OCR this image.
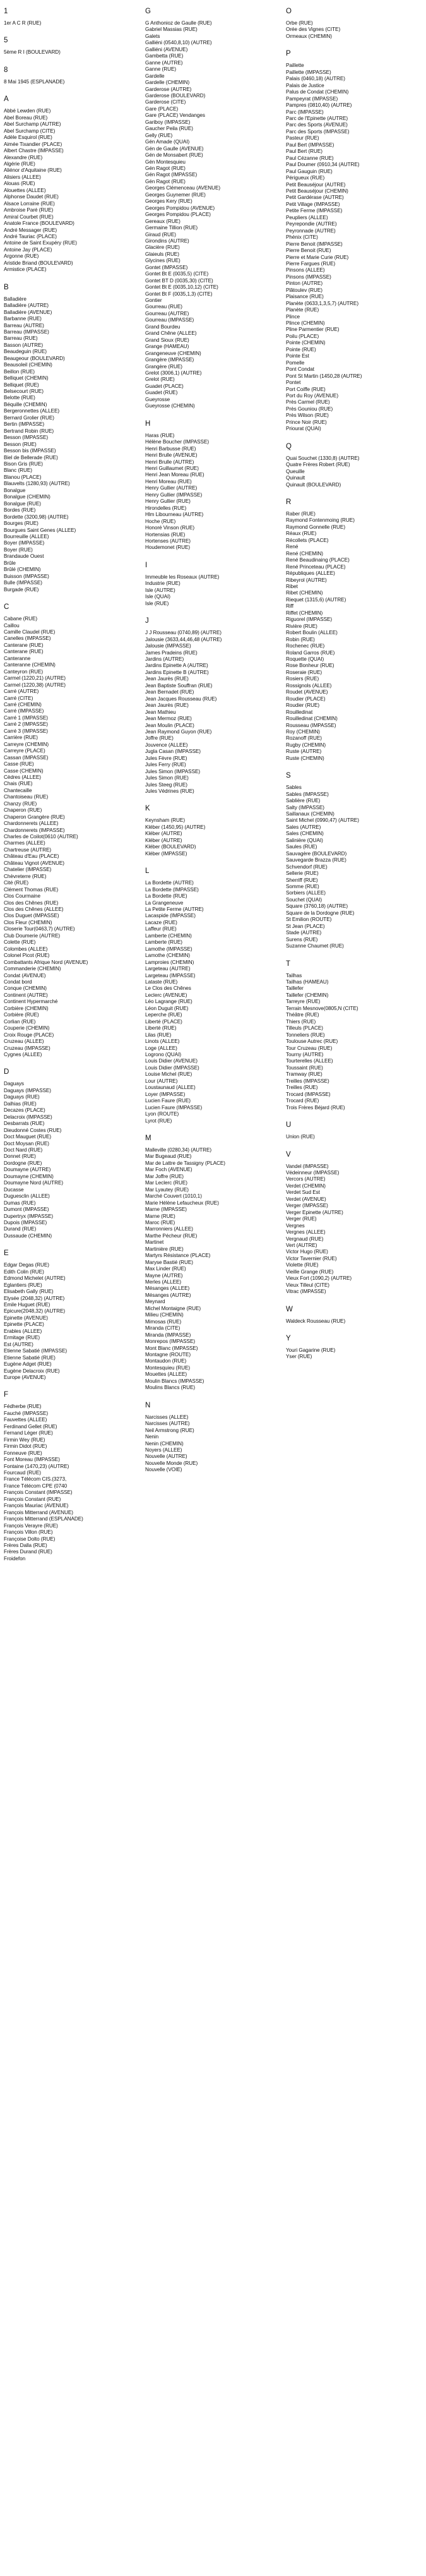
1
1er A C R (RUE)
5
5ème R I (BOULEVARD)
8
8 Mai 1945 (ESPLANADE)
A
Abbé Lewden (RUE)
Abel Boreau (RUE)
Abel Surchamp (AUTRE)
Abel Surchamp (CITE)
Adèle Esquirol (RUE)
Aimée Tixandier (PLACE)
Albert Chastre (IMPASSE)
Alexandre (RUE)
Algérie (RUE)
Aliénor d'Aquitaine (RUE)
Alisiers (ALLEE)
Alouas (RUE)
Alouettes (ALLEE)
Alphonse Daudet (RUE)
Alsace Lorraine (RUE)
Ambroise Paré (RUE)
Amiral Courbet (RUE)
Anatole France (BOULEVARD)
André Messager (RUE)
André Tauriac (PLACE)
Antoine de Saint Exupéry (RUE)
Antoine Jay (PLACE)
Argonne (RUE)
Aristide Briand (BOULEVARD)
Armistice (PLACE)
B
Balladière
Balladière (AUTRE)
Balladière (AVENUE)
Barbanne (RUE)
Barreau (AUTRE)
Barreau (IMPASSE)
Barreau (RUE)
Basson (AUTRE)
Beaudeguin (RUE)
Beaugeour (BOULEVARD)
Beausoleil (CHEMIN)
Beillon (RUE)
Belliquet (CHEMIN)
Belliquet (RUE)
Belsecourt (RUE)
Belotte (RUE)
Béquille (CHEMIN)
Bergeronnettes (ALLEE)
Bernard Grolier (RUE)
Bertin (IMPASSE)
Bertrand Robin (RUE)
Besson (IMPASSE)
Besson (RUE)
Besson bis (IMPASSE)
Biel de Bellerade (RUE)
Bison Gris (RUE)
Blanc (RUE)
Blanou (PLACE)
Blauvelts (1280,93) (AUTRE)
Bonalgue
Bonalgue (CHEMIN)
Bonalgue (RUE)
Bordes (RUE)
Bordette (3200,98) (AUTRE)
Bourges (RUE)
Bourgues Saint Genes (ALLEE)
Bourreuille (ALLEE)
Boyer (IMPASSE)
Boyer (RUE)
Brandaude Ouest
Brûle
Brûlé (CHEMIN)
Buisson (IMPASSE)
Bulle (IMPASSE)
Burgade (RUE)
C
Cabane (RUE)
Caillou
Camille Claudel (RUE)
Canelles (IMPASSE)
Canterane (RUE)
Canterane (RUE)
Canteranne
Canteranne (CHEMIN)
Canteyron (RUE)
Carmel (1220,21) (AUTRE)
Carmel (1220,38) (AUTRE)
Carré (AUTRE)
Carré (CITE)
Carré (CHEMIN)
Carré (IMPASSE)
Carré 1 (IMPASSE)
Carré 2 (IMPASSE)
Carré 3 (IMPASSE)
Carrière (RUE)
Carreyre (CHEMIN)
Carreyre (PLACE)
Cassan (IMPASSE)
Casse (RUE)
Casse (CHEMIN)
Cèdres (ALLEE)
Chais (RUE)
Chantecaille
Chantoiseau (RUE)
Chanzy (RUE)
Chaperon (RUE)
Chaperon Grangère (RUE)
Chardonnerets (ALLEE)
Chardonnerets (IMPASSE)
Charles de Coilot(0610 (AUTRE)
Charmes (ALLEE)
Chartreuse (AUTRE)
Château d'Eau (PLACE)
Château Vignot (AVENUE)
Chatelier (IMPASSE)
Chèvreterre (RUE)
Cité (RUE)
Clément Thomas (RUE)
Clos Courmaine
Clos des Chênes (RUE)
Clos des Chênes (ALLEE)
Clos Duguet (IMPASSE)
Clos Fleur (CHEMIN)
Closerie Tour(0463,7) (AUTRE)
Club Doumerie (AUTRE)
Colette (RUE)
Colombes (ALLEE)
Colonel Picot (RUE)
Combattants Afrique Nord (AVENUE)
Commanderie (CHEMIN)
Condat (AVENUE)
Condat bord
Conque (CHEMIN)
Continent (AUTRE)
Continent Hypermarché
Corbière (CHEMIN)
Corbière (RUE)
Corlian (RUE)
Couperie (CHEMIN)
Croix Rouge (PLACE)
Cruzeau (ALLEE)
Cruzeau (IMPASSE)
Cygnes (ALLEE)
D
Daguays
Daguays (IMPASSE)
Daguays (RUE)
Dalhias (RUE)
Decazes (PLACE)
Delacroix (IMPASSE)
Desbarrats (RUE)
Dieudonné Costes (RUE)
Doct Mauguet (RUE)
Doct Moysan (RUE)
Doct Nard (RUE)
Donnet (RUE)
Dordogne (RUE)
Doumayne (AUTRE)
Doumayne (CHEMIN)
Doumayne Nord (AUTRE)
Ducasse
Duguesclin (ALLEE)
Dumas (RUE)
Dumont (IMPASSE)
Dupertryx (IMPASSE)
Dupois (IMPASSE)
Durand (RUE)
Dussaude (CHEMIN)
E
Edgar Degas (RUE)
Edith Colin (RUE)
Edmond Michelet (AUTRE)
Eglantiers (RUE)
Elisabeth Gally (RUE)
Elysée (2048,32) (AUTRE)
Emile Huguet (RUE)
Epicure(2048,32) (AUTRE)
Epinette (AVENUE)
Epinette (PLACE)
Erables (ALLEE)
Ermitage (RUE)
Est (AUTRE)
Etienne Sabatié (IMPASSE)
Etienne Sabatié (RUE)
Eugène Adget (RUE)
Eugène Delacroix (RUE)
Europe (AVENUE)
F
Fédherbe (RUE)
Fauché (IMPASSE)
Fauvettes (ALLEE)
Ferdinand Gellet (RUE)
Fernand Léger (RUE)
Firmin Wey (RUE)
Firmin Didot (RUE)
Fonneuve (RUE)
Font Moreau (IMPASSE)
Fontaine (1470,23) (AUTRE)
Fourcaud (RUE)
France Télécom CIS.(3273,
France Télécom CPE (0740
François Constant (IMPASSE)
François Constant (RUE)
François Mauriac (AVENUE)
François Mitterrand (AVENUE)
François Mitterrand (ESPLANADE)
François Verayre (RUE)
François Villon (RUE)
Françoise Dolto (RUE)
Frères Dalla (RUE)
Frères Durand (RUE)
Froidefon
G
G Anthonioz de Gaulle (RUE)
Gabriel Massias (RUE)
Galets
Galliéni (0540,8,10) (AUTRE)
Galliéni (AVENUE)
Gambetta (RUE)
Ganne (AUTRE)
Ganne (RUE)
Gardelle
Gardelle (CHEMIN)
Garderose (AUTRE)
Garderose (BOULEVARD)
Garderose (CITE)
Gare (PLACE)
Gare (PLACE) Vendanges
Gariboy (IMPASSE)
Gaucher Peila (RUE)
Gelly (RUE)
Gén Amade (QUAI)
Gén de Gaulle (AVENUE)
Gén de Monsabert (RUE)
Gén Montesquieu
Gén Ragot (RUE)
Gén Ragot (IMPASSE)
Gén Ragot (RUE)
Georges Clémenceau (AVENUE)
Georges Guynemer (RUE)
Georges Kery (RUE)
Georges Pompidou (AVENUE)
Georges Pompidou (PLACE)
Gereaux (RUE)
Germaine Tillion (RUE)
Giraud (RUE)
Girondins (AUTRE)
Glacière (RUE)
Glaieuls (RUE)
Glycines (RUE)
Gontet (IMPASSE)
Gontet Bt E (0035,5) (CITE)
Gontet BT D (0035,30) (CITE)
Gontet Bt E (0035,10,12) (CITE)
Gontet Bt F (0035,1,3) (CITE)
Gontier
Gourreau (RUE)
Gourreau (AUTRE)
Gourreau (IMPASSE)
Grand Bourdeu
Grand Chêne (ALLEE)
Grand Sioux (RUE)
Grange (HAMEAU)
Grangeneuve (CHEMIN)
Grangère (IMPASSE)
Grangère (RUE)
Grelot (3006,1) (AUTRE)
Grelot (RUE)
Guadet (PLACE)
Guadet (RUE)
Gueyrosse
Gueyrosse (CHEMIN)
H
Haras (RUE)
Hélène Boucher (IMPASSE)
Henri Barbusse (RUE)
Henri Brulle (AVENUE)
Henri Brulle (AUTRE)
Henri Guillaumet (RUE)
Henri Jean Moreau (RUE)
Henri Moreau (RUE)
Henry Gullier (AUTRE)
Henry Gullier (IMPASSE)
Henry Gullier (RUE)
Hirondelles (RUE)
Hlm Libourneau (AUTRE)
Hoche (RUE)
Honoré Vinson (RUE)
Hortensias (RUE)
Hortenses (AUTRE)
Houdemonet (RUE)
I
Immeuble les Roseaux (AUTRE)
Industrie (RUE)
Isle (AUTRE)
Isle (QUAI)
Isle (RUE)
J
J J Rousseau (0740,89) (AUTRE)
Jalousie (3633,44,46,48 (AUTRE)
Jalousie (IMPASSE)
James Pradeins (RUE)
Jardins (AUTRE)
Jardins Epinette A (AUTRE)
Jardins Epinette B (AUTRE)
Jean Jaurès (RUE)
Jean Baptiste Souffran (RUE)
Jean Bernadet (RUE)
Jean Jacques Rousseau (RUE)
Jean Jaurès (RUE)
Jean Mathieu
Jean Mermoz (RUE)
Jean Moulin (PLACE)
Jean Raymond Guyon (RUE)
Joffre (RUE)
Jouvence (ALLEE)
Jugla Casan (IMPASSE)
Jules Fèvre (RUE)
Jules Ferry (RUE)
Jules Simon (IMPASSE)
Jules Simon (RUE)
Jules Steeg (RUE)
Jules Védrines (RUE)
K
Keynsham (RUE)
Kléber (1450,95) (AUTRE)
Kléber (AUTRE)
Kléber (AUTRE)
Kléber (BOULEVARD)
Kléber (IMPASSE)
L
La Bordette (AUTRE)
La Bordette (IMPASSE)
La Bordette (RUE)
La Grangeneuve
La Petite Ferme (AUTRE)
Lacaspide (IMPASSE)
Lacaze (RUE)
Laffeur (RUE)
Lamberte (CHEMIN)
Lamberte (RUE)
Lamothe (IMPASSE)
Lamothe (CHEMIN)
Lamproies (CHEMIN)
Largeteau (AUTRE)
Largeteau (IMPASSE)
Lataste (RUE)
Le Clos des Chênes
Leclerc (AVENUE)
Léo Lagrange (RUE)
Léon Duguit (RUE)
Leperche (RUE)
Liberté (PLACE)
Liberté (RUE)
Lilas (RUE)
Linots (ALLEE)
Loge (ALLEE)
Logrono (QUAI)
Louis Didier (AVENUE)
Louis Didier (IMPASSE)
Louise Michel (RUE)
Lour (AUTRE)
Loustaunaud (ALLEE)
Loyer (IMPASSE)
Lucien Faure (RUE)
Lucien Faure (IMPASSE)
Lyon (ROUTE)
Lyrot (RUE)
M
Malleville (0280,34) (AUTRE)
Mar Bugeaud (RUE)
Mar de Lattre de Tassigny (PLACE)
Mar Foch (AVENUE)
Mar Joffre (RUE)
Mar Leclerc (RUE)
Mar Lyautey (RUE)
Marché Couvert (1010,1)
Marie Hélène Lefaucheux (RUE)
Marne (IMPASSE)
Marne (RUE)
Maroc (RUE)
Marronniers (ALLEE)
Marthe Pécheur (RUE)
Martinet
Martinière (RUE)
Martyrs Résistance (PLACE)
Maryse Bastié (RUE)
Max Linder (RUE)
Mayne (AUTRE)
Merles (ALLEE)
Mésanges (ALLEE)
Mésanges (AUTRE)
Meynard
Michel Montaigne (RUE)
Milieu (CHEMIN)
Mimosas (RUE)
Miranda (CITE)
Miranda (IMPASSE)
Monrepos (IMPASSE)
Mont Blanc (IMPASSE)
Montagne (ROUTE)
Montaudon (RUE)
Montesquieu (RUE)
Mouettes (ALLEE)
Moulin Blancs (IMPASSE)
Moulins Blancs (RUE)
N
Narcisses (ALLEE)
Narcisses (AUTRE)
Neil Armstrong (RUE)
Nenin
Nenin (CHEMIN)
Noyers (ALLEE)
Nouvelle (AUTRE)
Nouvelle Monde (RUE)
Nouvelle (VOIE)
O
Orbe (RUE)
Orée des Vignes (CITE)
Ormeaux (CHEMIN)
P
Paillette
Paillette (IMPASSE)
Palais (0460,18) (AUTRE)
Palais de Justice
Palus de Condat (CHEMIN)
Pampeyrat (IMPASSE)
Pampres (0810,40) (AUTRE)
Parc (IMPASSE)
Parc de l'Epinette (AUTRE)
Parc des Sports (AVENUE)
Parc des Sports (IMPASSE)
Pasteur (RUE)
Paul Bert (IMPASSE)
Paul Bert (RUE)
Paul Cézanne (RUE)
Paul Doumer (0910,34 (AUTRE)
Paul Gauguin (RUE)
Périgueux (RUE)
Petit Beauséjour (AUTRE)
Petit Beauséjour (CHEMIN)
Petit Gardérase (AUTRE)
Petit Village (IMPASSE)
Petite Ferme (IMPASSE)
Peupliers (ALLEE)
Peyrepondie (AUTRE)
Peyronnade (AUTRE)
Phénix (CITE)
Pierre Benoit (IMPASSE)
Pierre Benoit (RUE)
Pierre et Marie Curie (RUE)
Pierre Fargues (RUE)
Pinsons (ALLEE)
Pinsons (IMPASSE)
Pinton (AUTRE)
Plâtoulev (RUE)
Plaisance (RUE)
Planète (0633,1,3,5,7) (AUTRE)
Planète (RUE)
Plince
Plince (CHEMIN)
Pline Parmentier (RUE)
Poilu (PLACE)
Pointe (CHEMIN)
Pointe (RUE)
Pointe Est
Pomelle
Pont Condat
Pont St Martin (1450,28 (AUTRE)
Pontet
Port Coiffe (RUE)
Port du Roy (AVENUE)
Près Carmel (RUE)
Près Gouniou (RUE)
Près Wilson (RUE)
Prince Noir (RUE)
Priourat (QUAI)
Q
Quai Souchet (1330,8) (AUTRE)
Quatre Frères Robert (RUE)
Queuille
Quinault
Quinault (BOULEVARD)
R
Raber (RUE)
Raymond Fontenmoing (RUE)
Raymond Gonnelle (RUE)
Réaux (RUE)
Récollets (PLACE)
René
René (CHEMIN)
René Beaudinaing (PLACE)
René Princeteau (PLACE)
Républiques (ALLEE)
Ribeyrol (AUTRE)
Ribet
Ribet (CHEMIN)
Riequet (1315,6) (AUTRE)
Riff
Riffet (CHEMIN)
Riguorel (IMPASSE)
Rivière (RUE)
Robert Boulin (ALLEE)
Robin (RUE)
Rochenec (RUE)
Roland Garros (RUE)
Roquette (QUAI)
Rose Bonheur (RUE)
Roseraie (RUE)
Rosiers (RUE)
Rossignols (ALLEE)
Roudet (AVENUE)
Roudier (PLACE)
Roudier (RUE)
Rouilledinat
Rouilledinat (CHEMIN)
Rousseau (IMPASSE)
Roy (CHEMIN)
Rozanoff (RUE)
Rugby (CHEMIN)
Ruste (AUTRE)
Ruste (CHEMIN)
S
Sables
Sables (IMPASSE)
Sablière (RUE)
Salty (IMPASSE)
Saillanaux (CHEMIN)
Saint Michel (0990,47) (AUTRE)
Sales (AUTRE)
Sales (CHEMIN)
Salinière (QUAI)
Saules (RUE)
Sauvagère (BOULEVARD)
Sauvegarde Brazza (RUE)
Schvendorf (RUE)
Sellerie (RUE)
Sherriff (RUE)
Somme (RUE)
Sorbiers (ALLEE)
Souchet (QUAI)
Square (3760,18) (AUTRE)
Square de la Dordogne (RUE)
St Emilion (ROUTE)
St Jean (PLACE)
Stade (AUTRE)
Surens (RUE)
Suzanne Chaumet (RUE)
T
Tailhas
Tailhas (HAMEAU)
Taillefer
Taillefer (CHEMIN)
Tarreyre (RUE)
Terrain Mesnove(0805,N (CITE)
Théâtre (RUE)
Thiers (RUE)
Tilleuls (PLACE)
Tonneliers (RUE)
Toulouse Autrec (RUE)
Tour Cruzeau (RUE)
Tourny (AUTRE)
Tourterelles (ALLEE)
Toussaint (RUE)
Tramway (RUE)
Treilles (IMPASSE)
Treilles (RUE)
Trocard (IMPASSE)
Trocard (RUE)
Trois Frères Béjard (RUE)
U
Union (RUE)
V
Vandel (IMPASSE)
Védeinneur (IMPASSE)
Vercors (AUTRE)
Verdet (CHEMIN)
Verdet Sud Est
Verdet (AVENUE)
Verger (IMPASSE)
Verger Epinette (AUTRE)
Verger (RUE)
Vergnes
Vergnes (ALLEE)
Vergnaud (RUE)
Vert (AUTRE)
Victor Hugo (RUE)
Victor Tavernier (RUE)
Violette (RUE)
Vieille Grange (RUE)
Vieux Fort (1090,2) (AUTRE)
Vieux Tilleul (CITE)
Vitrac (IMPASSE)
W
Waldeck Rousseau (RUE)
Y
Youri Gagarine (RUE)
Yser (RUE)
